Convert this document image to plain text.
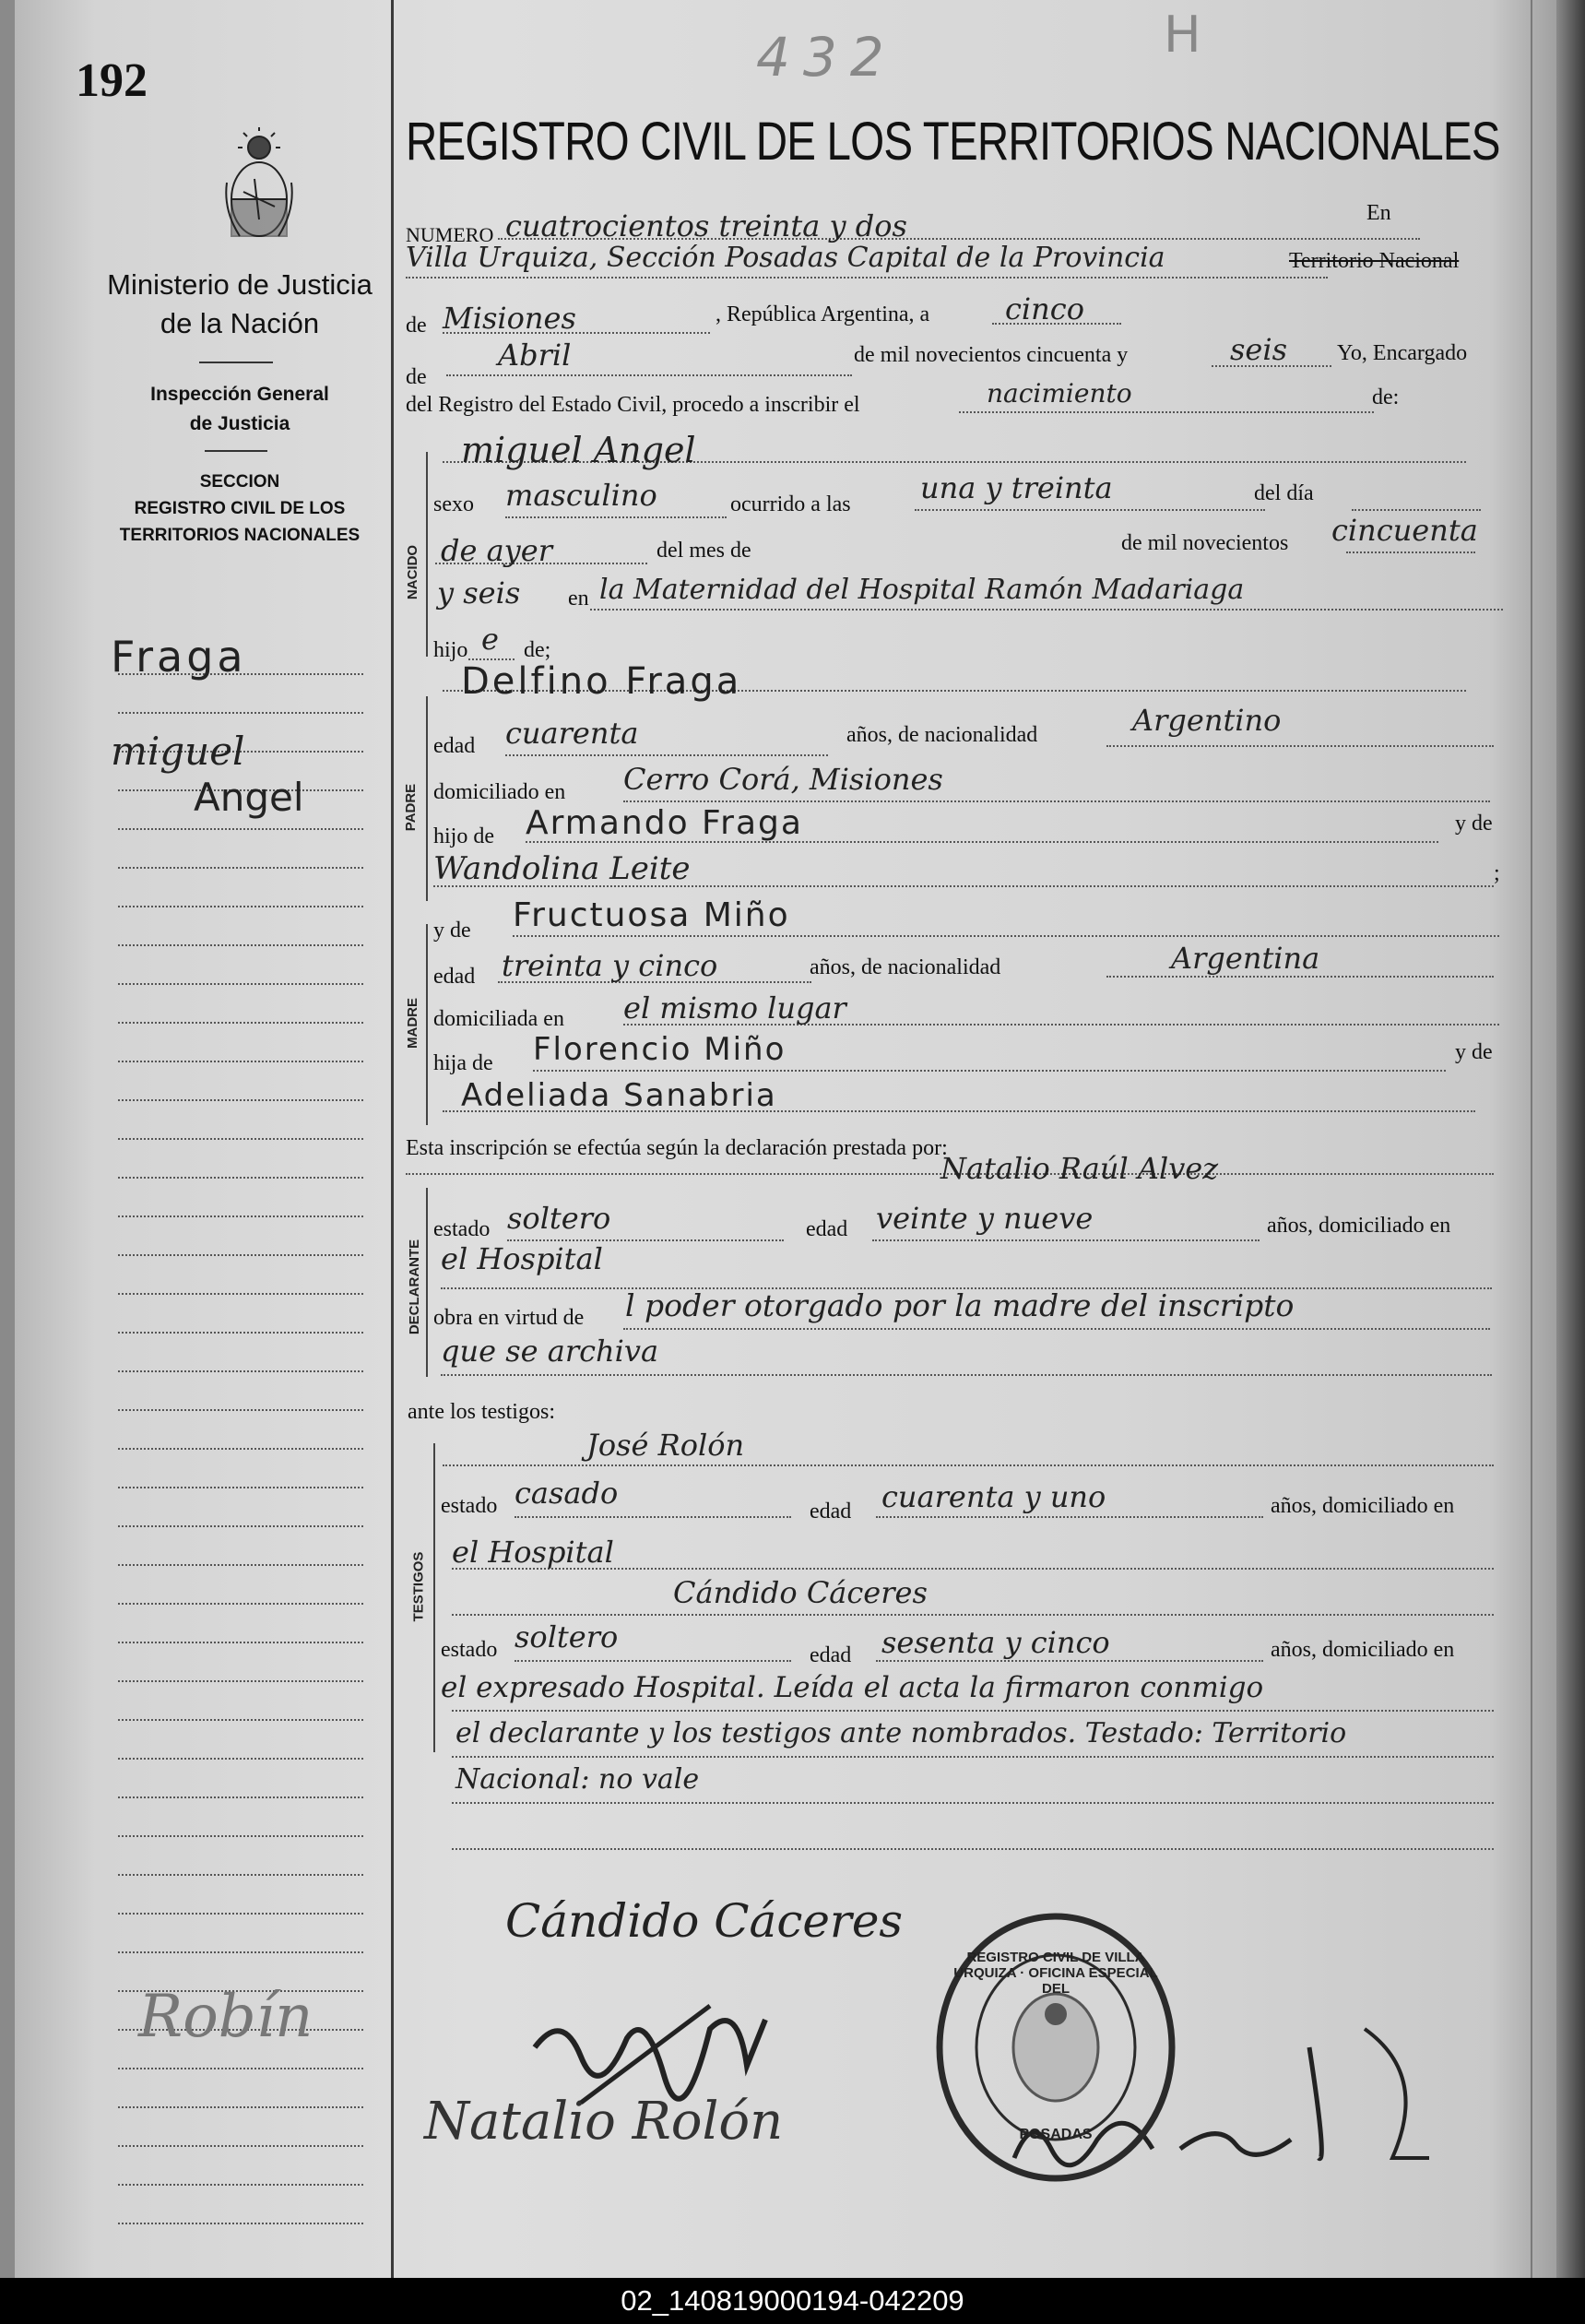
192	432	H
Ministerio de Justicia
de la Nación
Inspección General
de Justicia
SECCION
REGISTRO CIVIL DE LOS
TERRITORIOS NACIONALES
Fraga
miguel
Angel
Robín
REGISTRO CIVIL DE LOS TERRITORIOS NACIONALES
NACIDO
PADRE
MADRE
DECLARANTE
TESTIGOS
NUMERO cuatrocientos treinta y dos	En
Villa Urquiza, Sección Posadas Capital de la Provincia	Territorio Nacional
de Misiones	, República Argentina, a	cinco
de
Abril	de mil novecientos cincuenta y	seis Yo, Encargado
del Registro del Estado Civil, procedo a inscribir el	nacimiento	de:
miguel Angel
sexo masculino	ocurrido a las una y treinta	del día
de ayer	del mes de	de mil novecientos cincuenta
y seis en la Maternidad del Hospital Ramón Madariaga
hijo e de;
Delfino Fraga
edad cuarenta	años, de nacionalidad	Argentino
domiciliado en Cerro Corá, Misiones
hijo de Armando Fraga	y de
Wandolina Leite	;
y de Fructuosa Miño
edad treinta y cinco	años, de nacionalidad	Argentina
domiciliada en el mismo lugar
hija de Florencio Miño	y de
Adeliada Sanabria
Esta inscripción se efectúa según la declaración prestada por:
Natalio Raúl Alvez
estado soltero	edad veinte y nueve	años, domiciliado en
el Hospital
obra en virtud de l poder otorgado por la madre del inscripto
que se archiva
ante los testigos:
José Rolón
estado casado
edad cuarenta y uno	años, domiciliado en
el Hospital
Cándido Cáceres
estado soltero
edad sesenta y cinco	años, domiciliado en
el expresado Hospital. Leída el acta la firmaron conmigo
el declarante y los testigos ante nombrados. Testado: Territorio
Nacional: no vale
Cándido Cáceres
Natalio Rolón
REGISTRO CIVIL DE VILLA URQUIZA · OFICINA ESPECIAL DEL
POSADAS
02_140819000194-042209
